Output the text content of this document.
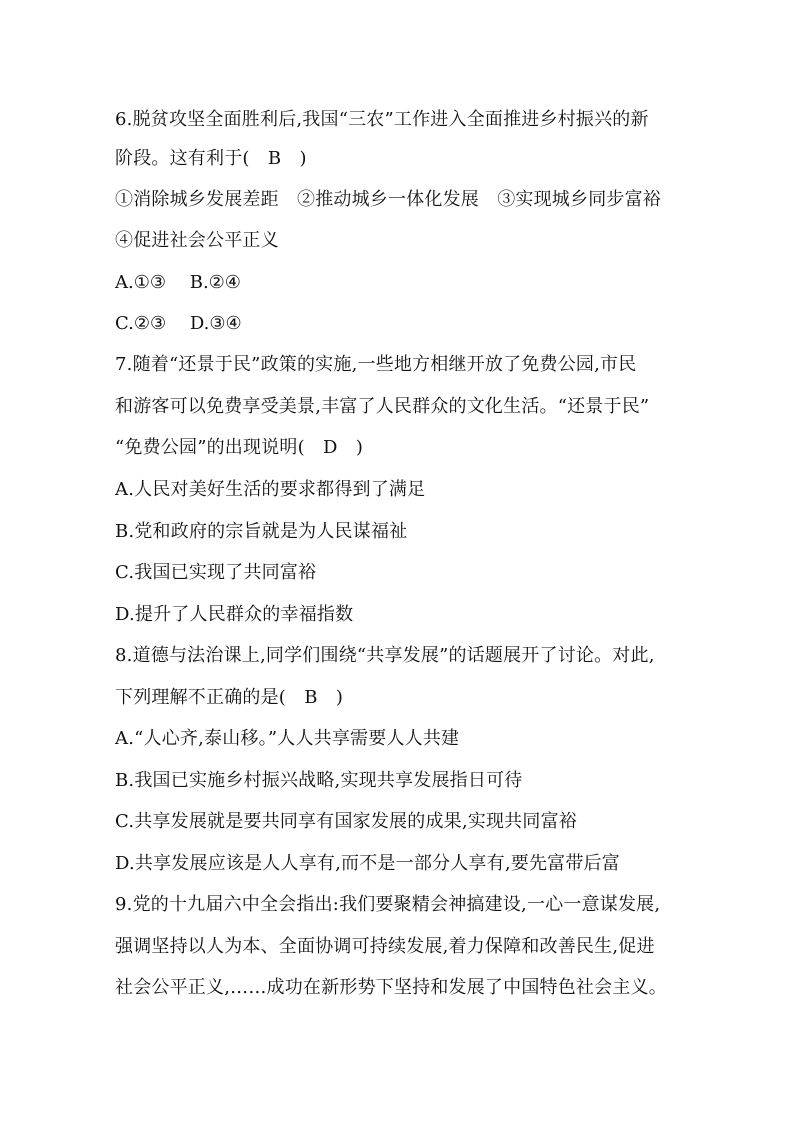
6.脱贫攻坚全面胜利后,我国“三农”工作进入全面推进乡村振兴的新
阶段。这有利于(　B　)
①消除城乡发展差距　②推动城乡一体化发展　③实现城乡同步富裕
④促进社会公平正义
A.①③　 B.②④
C.②③　 D.③④
7.随着“还景于民”政策的实施,一些地方相继开放了免费公园,市民
和游客可以免费享受美景,丰富了人民群众的文化生活。“还景于民”
“免费公园”的出现说明(　D　)
A.人民对美好生活的要求都得到了满足
B.党和政府的宗旨就是为人民谋福祉
C.我国已实现了共同富裕
D.提升了人民群众的幸福指数
8.道德与法治课上,同学们围绕“共享发展”的话题展开了讨论。对此,
下列理解不正确的是(　B　)
A.“人心齐,泰山移。”人人共享需要人人共建
B.我国已实施乡村振兴战略,实现共享发展指日可待
C.共享发展就是要共同享有国家发展的成果,实现共同富裕
D.共享发展应该是人人享有,而不是一部分人享有,要先富带后富
9.党的十九届六中全会指出:我们要聚精会神搞建设,一心一意谋发展,
强调坚持以人为本、全面协调可持续发展,着力保障和改善民生,促进
社会公平正义,……成功在新形势下坚持和发展了中国特色社会主义。
